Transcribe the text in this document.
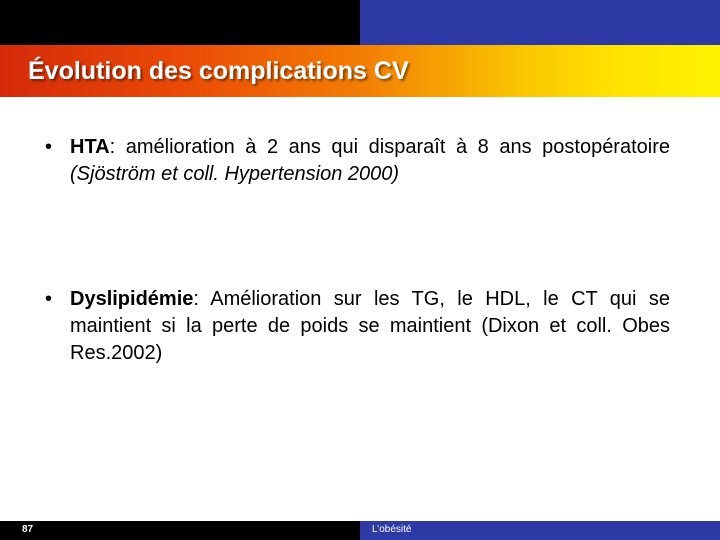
Évolution des complications CV
• HTA: amélioration à 2 ans qui disparaît à 8 ans postopératoire (Sjöström et coll. Hypertension 2000)
• Dyslipidémie: Amélioration sur les TG, le HDL, le CT qui se maintient si la perte de poids se maintient (Dixon et coll. Obes Res.2002)
87	L’obésité
